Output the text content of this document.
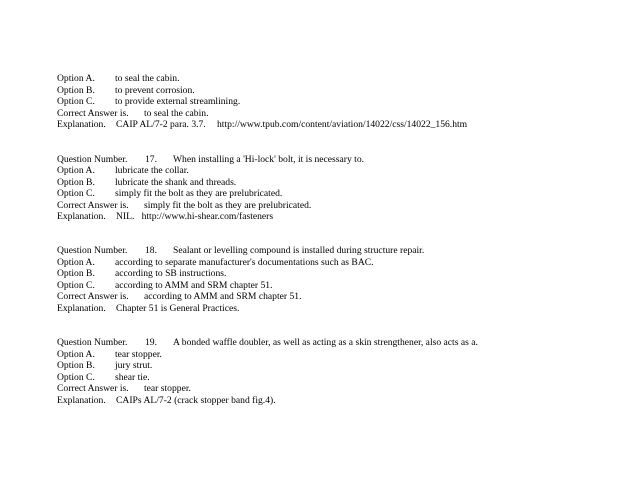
Option A. to seal the cabin.
Option B. to prevent corrosion.
Option C. to provide external streamlining.
Correct Answer is. to seal the cabin.
Explanation. CAIP AL/7-2 para. 3.7. http://www.tpub.com/content/aviation/14022/css/14022_156.htm
Question Number. 17. When installing a 'Hi-lock' bolt, it is necessary to.
Option A. lubricate the collar.
Option B. lubricate the shank and threads.
Option C. simply fit the bolt as they are prelubricated.
Correct Answer is. simply fit the bolt as they are prelubricated.
Explanation. NIL.   http://www.hi-shear.com/fasteners
Question Number. 18. Sealant or levelling compound is installed during structure repair.
Option A. according to separate manufacturer's documentations such as BAC.
Option B. according to SB instructions.
Option C. according to AMM and SRM chapter 51.
Correct Answer is. according to AMM and SRM chapter 51.
Explanation. Chapter 51 is General Practices.
Question Number. 19. A bonded waffle doubler, as well as acting as a skin strengthener, also acts as a.
Option A. tear stopper.
Option B. jury strut.
Option C. shear tie.
Correct Answer is. tear stopper.
Explanation. CAIPs AL/7-2 (crack stopper band fig.4).
